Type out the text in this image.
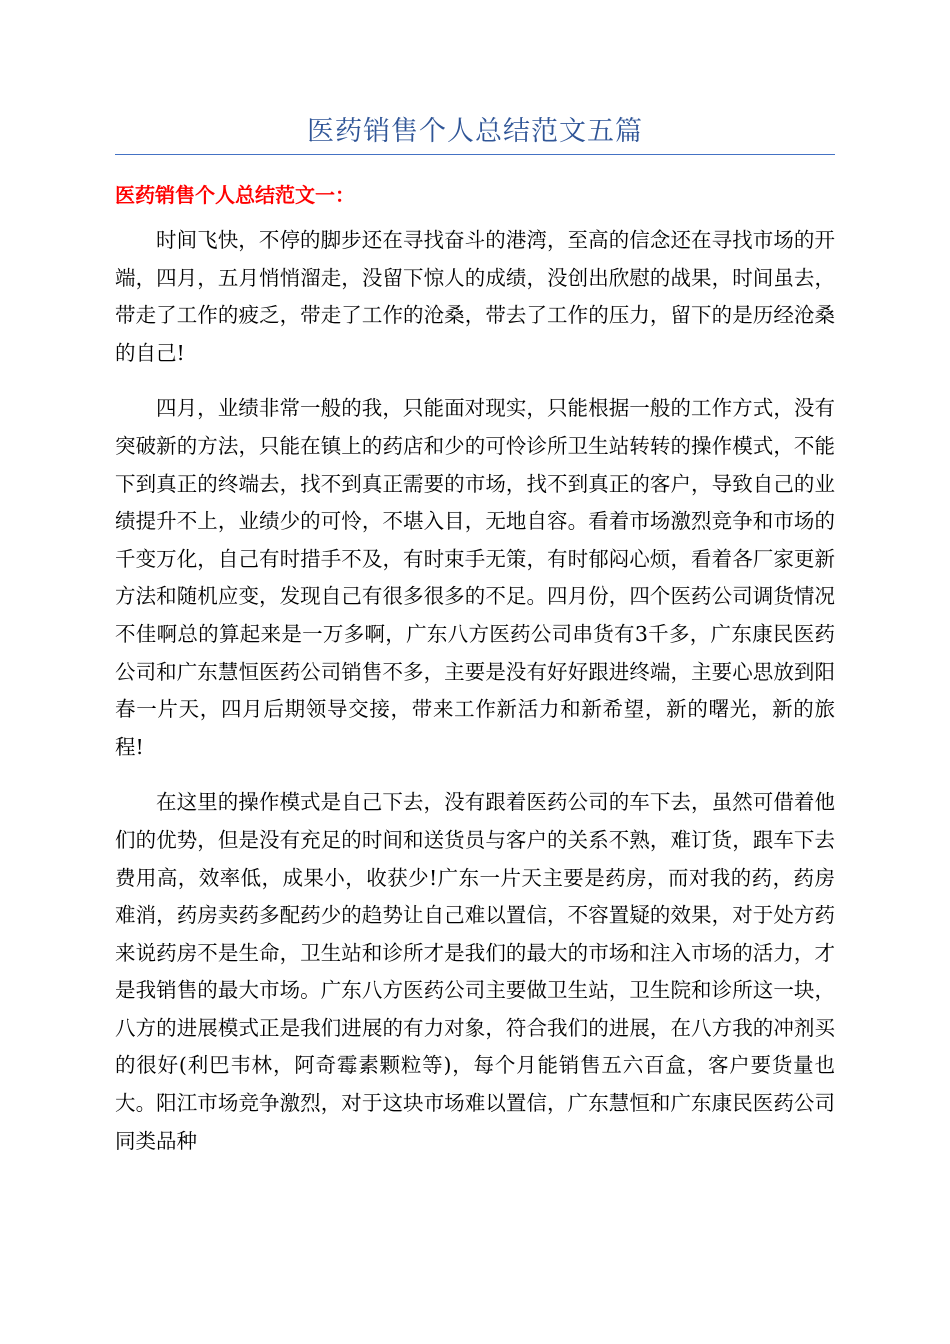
医药销售个人总结范文五篇
医药销售个人总结范文一：

时间飞快，不停的脚步还在寻找奋斗的港湾，至高的信念还在寻找市场的开端，四月，五月悄悄溜走，没留下惊人的成绩，没创出欣慰的战果，时间虽去，带走了工作的疲乏，带走了工作的沧桑，带去了工作的压力，留下的是历经沧桑的自己!

四月，业绩非常一般的我，只能面对现实，只能根据一般的工作方式，没有突破新的方法，只能在镇上的药店和少的可怜诊所卫生站转转的操作模式，不能下到真正的终端去，找不到真正需要的市场，找不到真正的客户，导致自己的业绩提升不上，业绩少的可怜，不堪入目，无地自容。看着市场激烈竞争和市场的千变万化，自己有时措手不及，有时束手无策，有时郁闷心烦，看着各厂家更新方法和随机应变，发现自己有很多很多的不足。四月份，四个医药公司调货情况不佳啊总的算起来是一万多啊，广东八方医药公司串货有3千多，广东康民医药公司和广东慧恒医药公司销售不多，主要是没有好好跟进终端，主要心思放到阳春一片天，四月后期领导交接，带来工作新活力和新希望，新的曙光，新的旅程!

在这里的操作模式是自己下去，没有跟着医药公司的车下去，虽然可借着他们的优势，但是没有充足的时间和送货员与客户的关系不熟，难订货，跟车下去费用高，效率低，成果小，收获少!广东一片天主要是药房，而对我的药，药房难消，药房卖药多配药少的趋势让自己难以置信，不容置疑的效果，对于处方药来说药房不是生命，卫生站和诊所才是我们的最大的市场和注入市场的活力，才是我销售的最大市场。广东八方医药公司主要做卫生站，卫生院和诊所这一块，八方的进展模式正是我们进展的有力对象，符合我们的进展，在八方我的冲剂买的很好(利巴韦林，阿奇霉素颗粒等)，每个月能销售五六百盒，客户要货量也大。阳江市场竞争激烈，对于这块市场难以置信，广东慧恒和广东康民医药公司同类品种
